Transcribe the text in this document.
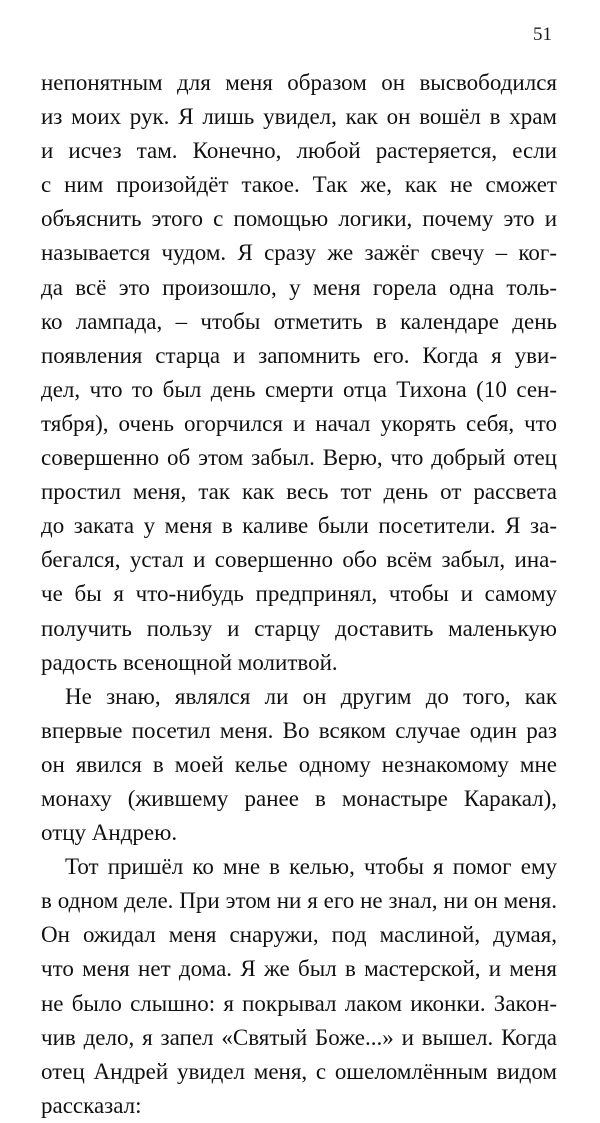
51
непонятным для меня образом он высвободился
из моих рук. Я лишь увидел, как он вошёл в храм
и исчез там. Конечно, любой растеряется, если
с ним произойдёт такое. Так же, как не сможет
объяснить этого с помощью логики, почему это и
называется чудом. Я сразу же зажёг свечу – ког-
да всё это произошло, у меня горела одна толь-
ко лампада, – чтобы отметить в календаре день
появления старца и запомнить его. Когда я уви-
дел, что то был день смерти отца Тихона (10 сен-
тября), очень огорчился и начал укорять себя, что
совершенно об этом забыл. Верю, что добрый отец
простил меня, так как весь тот день от рассвета
до заката у меня в каливе были посетители. Я за-
бегался, устал и совершенно обо всём забыл, ина-
че бы я что-нибудь предпринял, чтобы и самому
получить пользу и старцу доставить маленькую
радость всенощной молитвой.
Не знаю, являлся ли он другим до того, как
впервые посетил меня. Во всяком случае один раз
он явился в моей келье одному незнакомому мне
монаху (жившему ранее в монастыре Каракал),
отцу Андрею.
Тот пришёл ко мне в келью, чтобы я помог ему
в одном деле. При этом ни я его не знал, ни он меня.
Он ожидал меня снаружи, под маслиной, думая,
что меня нет дома. Я же был в мастерской, и меня
не было слышно: я покрывал лаком иконки. Закон-
чив дело, я запел «Святый Боже...» и вышел. Когда
отец Андрей увидел меня, с ошеломлённым видом
рассказал:
